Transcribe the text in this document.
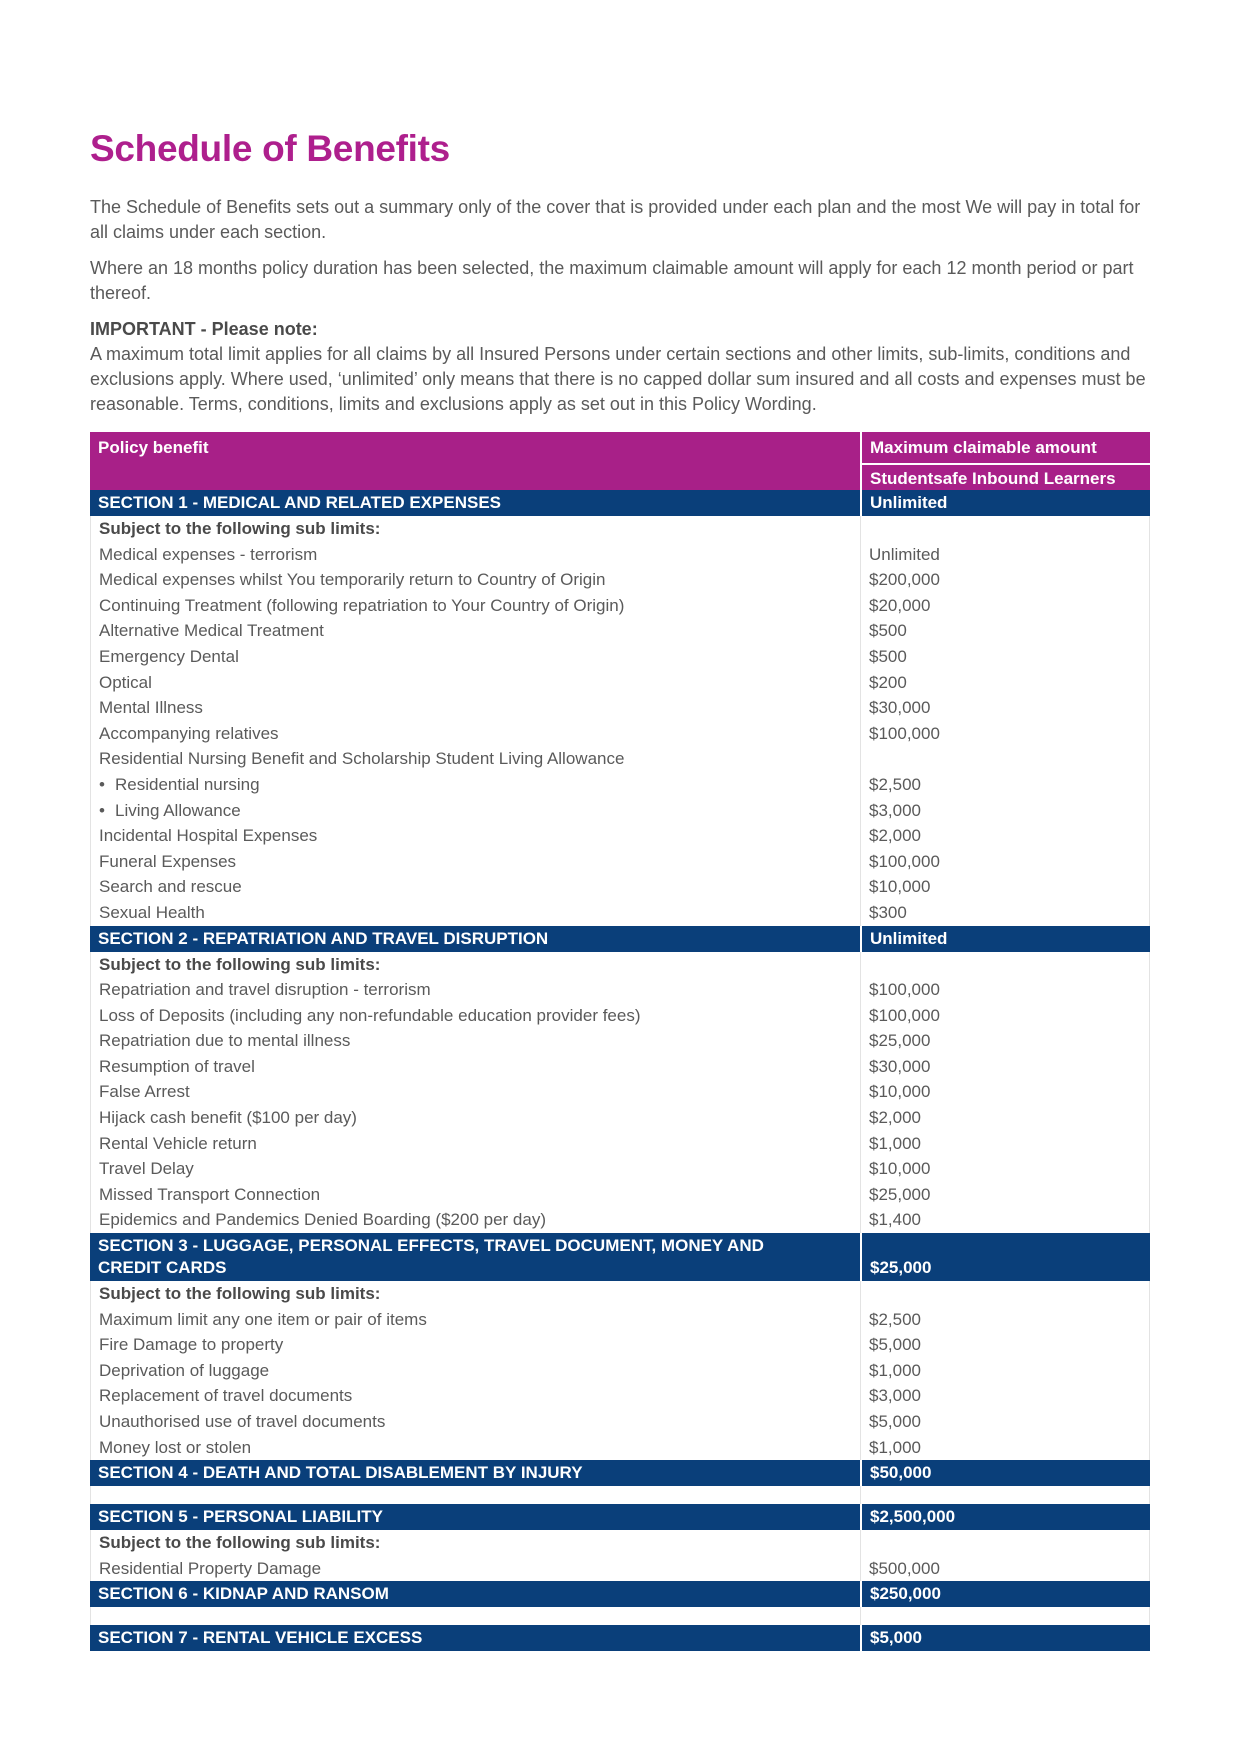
Schedule of Benefits

The Schedule of Benefits sets out a summary only of the cover that is provided under each plan and the most We will pay in total for all claims under each section.

Where an 18 months policy duration has been selected, the maximum claimable amount will apply for each 12 month period or part thereof.

IMPORTANT - Please note:

A maximum total limit applies for all claims by all Insured Persons under certain sections and other limits, sub-limits, conditions and exclusions apply. Where used, ‘unlimited’ only means that there is no capped dollar sum insured and all costs and expenses must be reasonable. Terms, conditions, limits and exclusions apply as set out in this Policy Wording.

Policy benefit	Maximum claimable amount
Studentsafe Inbound Learners
SECTION 1 - MEDICAL AND RELATED EXPENSES	Unlimited
Subject to the following sub limits:
Medical expenses - terrorism	Unlimited
Medical expenses whilst You temporarily return to Country of Origin	$200,000
Continuing Treatment (following repatriation to Your Country of Origin)	$20,000
Alternative Medical Treatment	$500
Emergency Dental	$500
Optical	$200
Mental Illness	$30,000
Accompanying relatives	$100,000
Residential Nursing Benefit and Scholarship Student Living Allowance
• Residential nursing	$2,500
• Living Allowance	$3,000
Incidental Hospital Expenses	$2,000
Funeral Expenses	$100,000
Search and rescue	$10,000
Sexual Health	$300
SECTION 2 - REPATRIATION AND TRAVEL DISRUPTION	Unlimited
Subject to the following sub limits:
Repatriation and travel disruption - terrorism	$100,000
Loss of Deposits (including any non-refundable education provider fees)	$100,000
Repatriation due to mental illness	$25,000
Resumption of travel	$30,000
False Arrest	$10,000
Hijack cash benefit ($100 per day)	$2,000
Rental Vehicle return	$1,000
Travel Delay	$10,000
Missed Transport Connection	$25,000
Epidemics and Pandemics Denied Boarding ($200 per day)	$1,400
SECTION 3 - LUGGAGE, PERSONAL EFFECTS, TRAVEL DOCUMENT, MONEY AND
CREDIT CARDS	$25,000
Subject to the following sub limits:
Maximum limit any one item or pair of items	$2,500
Fire Damage to property	$5,000
Deprivation of luggage	$1,000
Replacement of travel documents	$3,000
Unauthorised use of travel documents	$5,000
Money lost or stolen	$1,000
SECTION 4 - DEATH AND TOTAL DISABLEMENT BY INJURY	$50,000
SECTION 5 - PERSONAL LIABILITY	$2,500,000
Subject to the following sub limits:
Residential Property Damage	$500,000
SECTION 6 - KIDNAP AND RANSOM	$250,000
SECTION 7 - RENTAL VEHICLE EXCESS	$5,000
